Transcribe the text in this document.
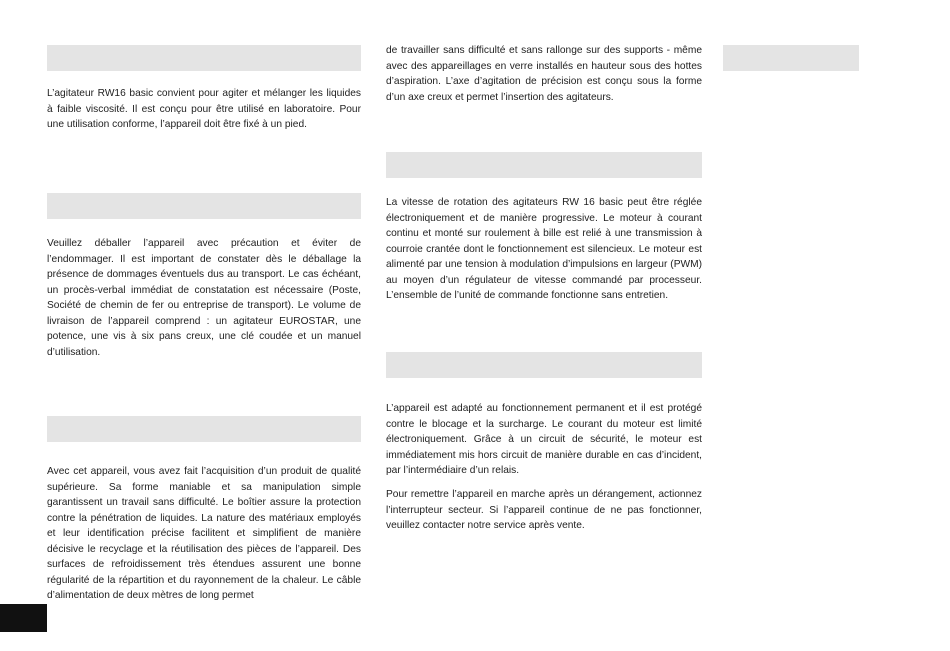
L’agitateur RW16 basic convient pour agiter et mélanger les liquides à faible viscosité. Il est conçu pour être utilisé en laboratoire. Pour une utilisation conforme, l’appareil doit être fixé à un pied.

Veuillez déballer l’appareil avec précaution et éviter de l’endommager. Il est important de constater dès le déballage la présence de dommages éventuels dus au transport. Le cas échéant, un procès-verbal immédiat de constatation est nécessaire (Poste, Société de chemin de fer ou entreprise de transport). Le volume de livraison de l’appareil comprend : un agitateur EUROSTAR, une potence, une vis à six pans creux, une clé coudée et un manuel d’utilisation.

Avec cet appareil, vous avez fait l’acquisition d’un produit de qualité supérieure. Sa forme maniable et sa manipulation simple garantissent un travail sans difficulté. Le boîtier assure la protection contre la pénétration de liquides. La nature des matériaux employés et leur identification précise facilitent et simplifient de manière décisive le recyclage et la réutilisation des pièces de l’appareil. Des surfaces de refroidissement très étendues assurent une bonne régularité de la répartition et du rayonnement de la chaleur. Le câble d’alimentation de deux mètres de long permet

de travailler sans difficulté et sans rallonge sur des supports - même avec des appareillages en verre installés en hauteur sous des hottes d’aspiration. L’axe d’agitation de précision est conçu sous la forme d’un axe creux et permet l’insertion des agitateurs.

La vitesse de rotation des agitateurs RW 16 basic peut être réglée électroniquement et de manière progressive. Le moteur à courant continu et monté sur roulement à bille est relié à une transmission à courroie crantée dont le fonctionnement est silencieux. Le moteur est alimenté par une tension à modulation d’impulsions en largeur (PWM) au moyen d’un régulateur de vitesse commandé par processeur. L’ensemble de l’unité de commande fonctionne sans entretien.

L’appareil est adapté au fonctionnement permanent et il est protégé contre le blocage et la surcharge. Le courant du moteur est limité électroniquement. Grâce à un circuit de sécurité, le moteur est immédiatement mis hors circuit de manière durable en cas d’incident, par l’intermédiaire d’un relais.

Pour remettre l’appareil en marche après un dérangement, actionnez l’interrupteur secteur. Si l’appareil continue de ne pas fonctionner, veuillez contacter notre service après vente.
